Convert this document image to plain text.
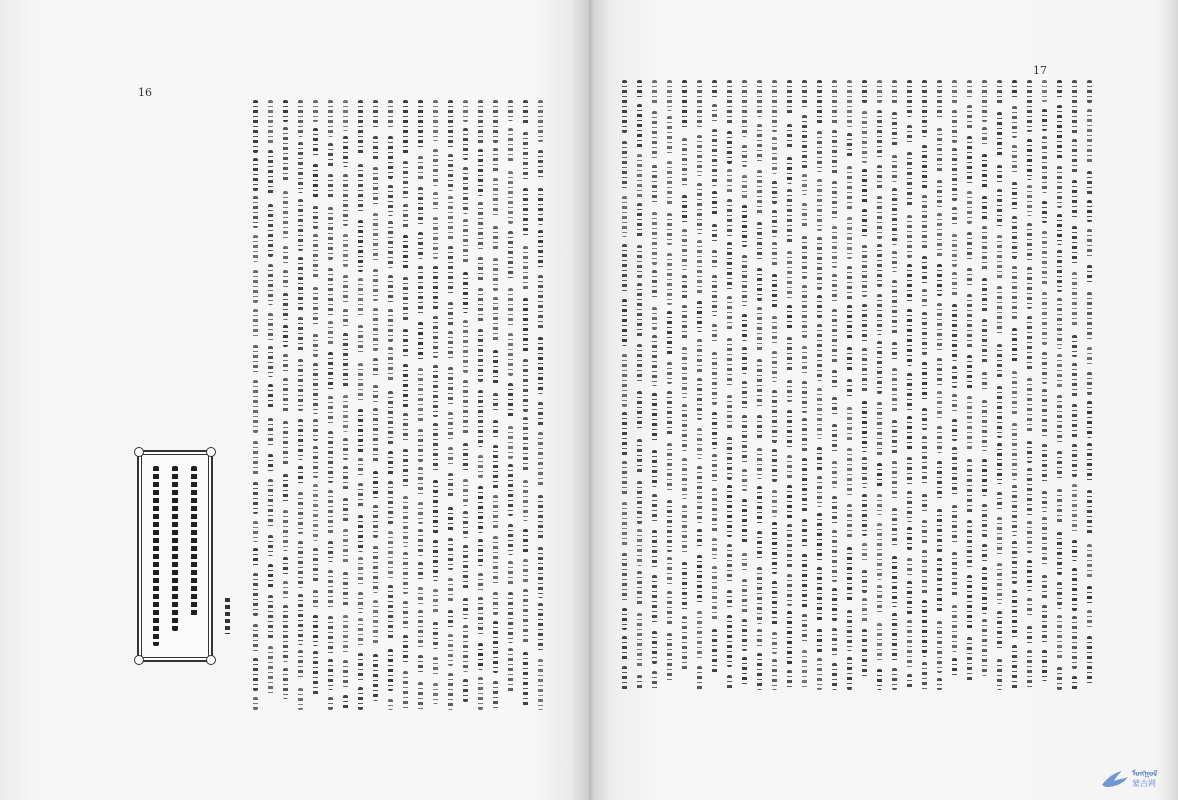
16
17
ᠮᠣᠩᠭᠣᠯ
蒙古网
